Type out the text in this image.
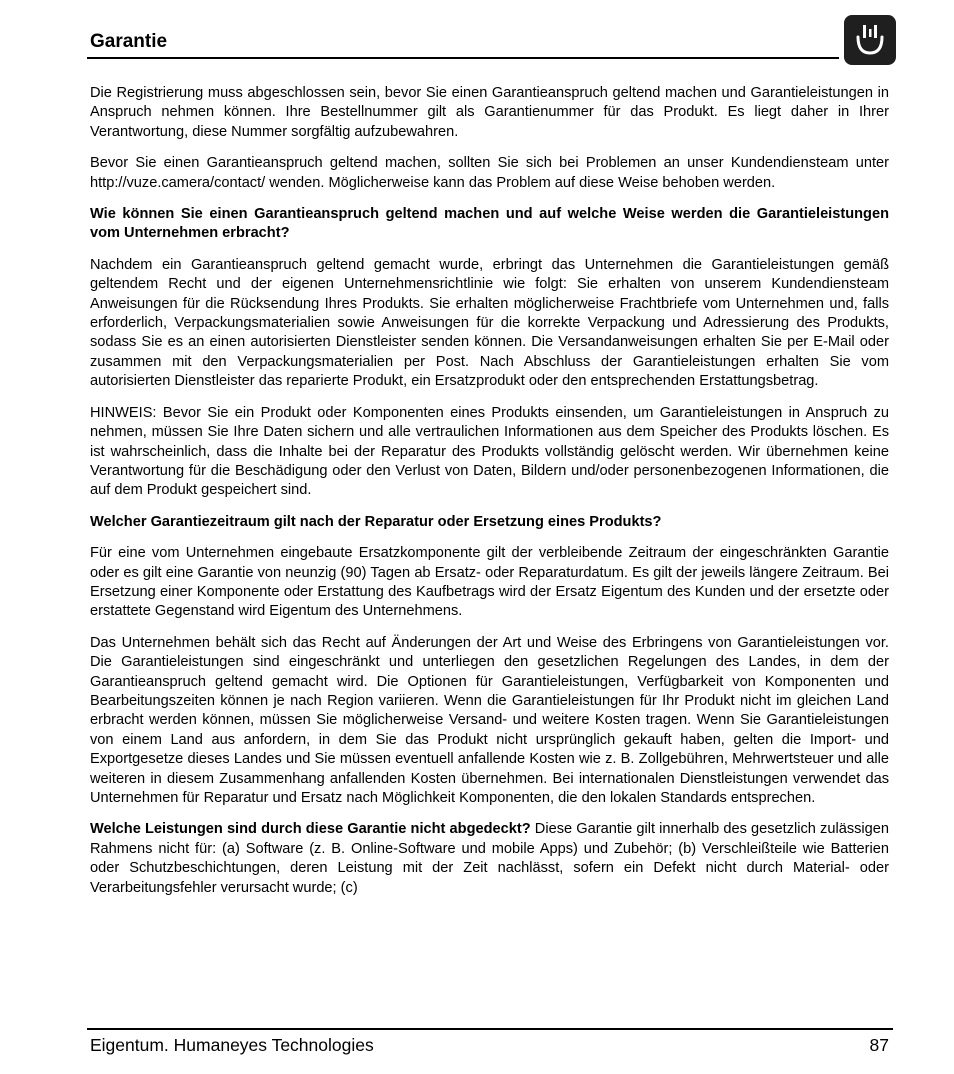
Garantie

Die Registrierung muss abgeschlossen sein, bevor Sie einen Garantieanspruch geltend machen und Garantieleistungen in Anspruch nehmen können. Ihre Bestellnummer gilt als Garantienummer für das Produkt. Es liegt daher in Ihrer Verantwortung, diese Nummer sorgfältig aufzubewahren.

Bevor Sie einen Garantieanspruch geltend machen, sollten Sie sich bei Problemen an unser Kundendiensteam unter http://vuze.camera/contact/ wenden. Möglicherweise kann das Problem auf diese Weise behoben werden.

Wie können Sie einen Garantieanspruch geltend machen und auf welche Weise werden die Garantieleistungen vom Unternehmen erbracht?

Nachdem ein Garantieanspruch geltend gemacht wurde, erbringt das Unternehmen die Garantieleistungen gemäß geltendem Recht und der eigenen Unternehmensrichtlinie wie folgt: Sie erhalten von unserem Kundendiensteam Anweisungen für die Rücksendung Ihres Produkts. Sie erhalten möglicherweise Frachtbriefe vom Unternehmen und, falls erforderlich, Verpackungsmaterialien sowie Anweisungen für die korrekte Verpackung und Adressierung des Produkts, sodass Sie es an einen autorisierten Dienstleister senden können. Die Versandanweisungen erhalten Sie per E-Mail oder zusammen mit den Verpackungsmaterialien per Post. Nach Abschluss der Garantieleistungen erhalten Sie vom autorisierten Dienstleister das reparierte Produkt, ein Ersatzprodukt oder den entsprechenden Erstattungsbetrag.

HINWEIS: Bevor Sie ein Produkt oder Komponenten eines Produkts einsenden, um Garantieleistungen in Anspruch zu nehmen, müssen Sie Ihre Daten sichern und alle vertraulichen Informationen aus dem Speicher des Produkts löschen. Es ist wahrscheinlich, dass die Inhalte bei der Reparatur des Produkts vollständig gelöscht werden. Wir übernehmen keine Verantwortung für die Beschädigung oder den Verlust von Daten, Bildern und/oder personenbezogenen Informationen, die auf dem Produkt gespeichert sind.

Welcher Garantiezeitraum gilt nach der Reparatur oder Ersetzung eines Produkts?

Für eine vom Unternehmen eingebaute Ersatzkomponente gilt der verbleibende Zeitraum der eingeschränkten Garantie oder es gilt eine Garantie von neunzig (90) Tagen ab Ersatz- oder Reparaturdatum. Es gilt der jeweils längere Zeitraum. Bei Ersetzung einer Komponente oder Erstattung des Kaufbetrags wird der Ersatz Eigentum des Kunden und der ersetzte oder erstattete Gegenstand wird Eigentum des Unternehmens.

Das Unternehmen behält sich das Recht auf Änderungen der Art und Weise des Erbringens von Garantieleistungen vor. Die Garantieleistungen sind eingeschränkt und unterliegen den gesetzlichen Regelungen des Landes, in dem der Garantieanspruch geltend gemacht wird. Die Optionen für Garantieleistungen, Verfügbarkeit von Komponenten und Bearbeitungszeiten können je nach Region variieren. Wenn die Garantieleistungen für Ihr Produkt nicht im gleichen Land erbracht werden können, müssen Sie möglicherweise Versand- und weitere Kosten tragen. Wenn Sie Garantieleistungen von einem Land aus anfordern, in dem Sie das Produkt nicht ursprünglich gekauft haben, gelten die Import- und Exportgesetze dieses Landes und Sie müssen eventuell anfallende Kosten wie z. B. Zollgebühren, Mehrwertsteuer und alle weiteren in diesem Zusammenhang anfallenden Kosten übernehmen. Bei internationalen Dienstleistungen verwendet das Unternehmen für Reparatur und Ersatz nach Möglichkeit Komponenten, die den lokalen Standards entsprechen.

Welche Leistungen sind durch diese Garantie nicht abgedeckt? Diese Garantie gilt innerhalb des gesetzlich zulässigen Rahmens nicht für: (a) Software (z. B. Online-Software und mobile Apps) und Zubehör; (b) Verschleißteile wie Batterien oder Schutzbeschichtungen, deren Leistung mit der Zeit nachlässt, sofern ein Defekt nicht durch Material- oder Verarbeitungsfehler verursacht wurde; (c)

Eigentum. Humaneyes Technologies	87
